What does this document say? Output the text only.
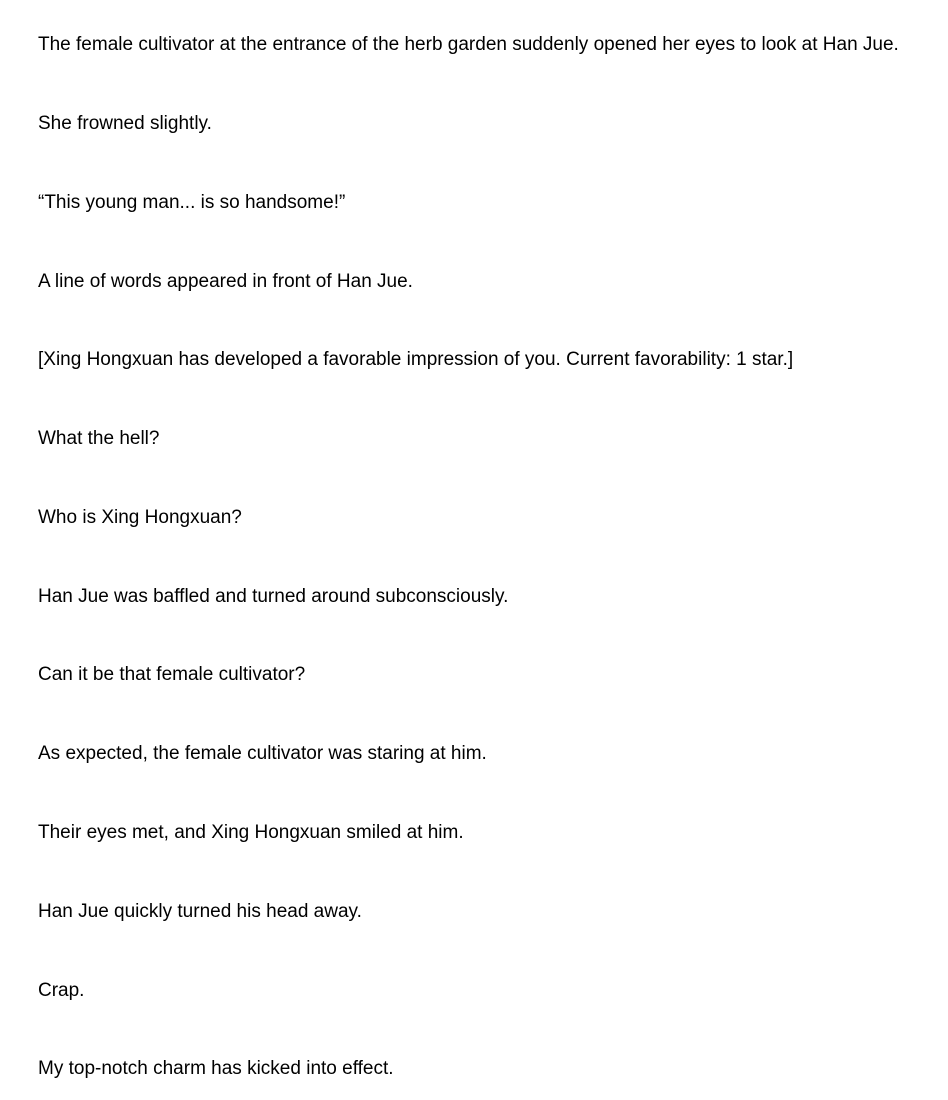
The female cultivator at the entrance of the herb garden suddenly opened her eyes to look at Han Jue.

She frowned slightly.

“This young man... is so handsome!”

A line of words appeared in front of Han Jue.

[Xing Hongxuan has developed a favorable impression of you. Current favorability: 1 star.]

What the hell?

Who is Xing Hongxuan?

Han Jue was baffled and turned around subconsciously.

Can it be that female cultivator?

As expected, the female cultivator was staring at him.

Their eyes met, and Xing Hongxuan smiled at him.

Han Jue quickly turned his head away.

Crap.

My top-notch charm has kicked into effect.
